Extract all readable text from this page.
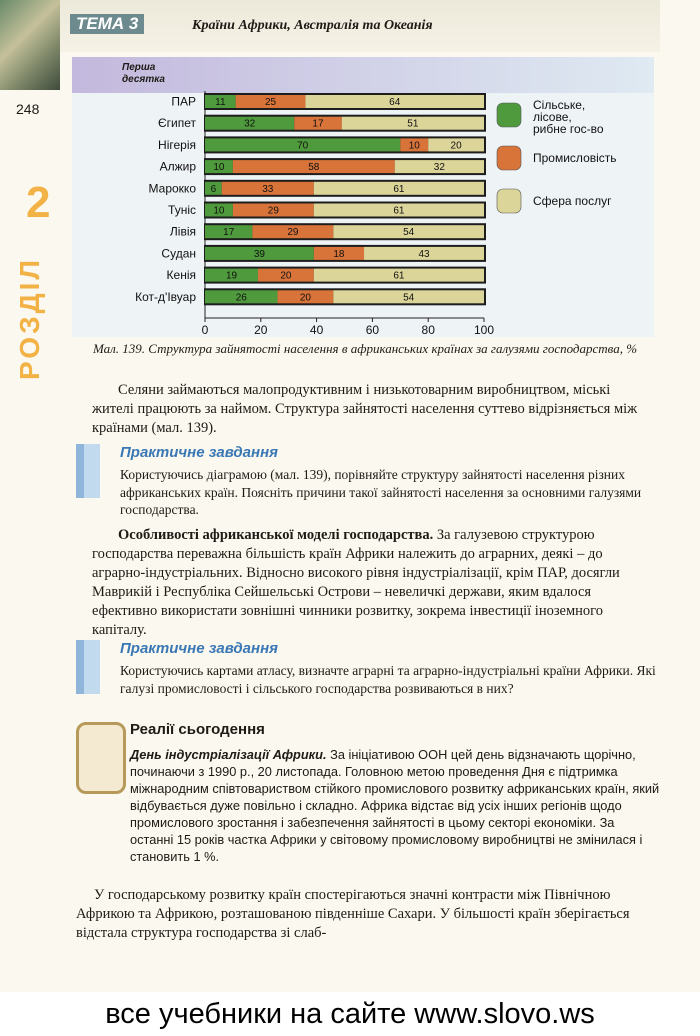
ТЕМА 3	Країни Африки, Австралія та Океанія
248
2
РОЗДІЛ
Перша десятка
0	20	40	60	80	100
ПАР 11	25	64
Єгипет	32	17	51
Нігерія	70	10	20
Алжир 10	58	32
Марокко 6	33	61
Туніс 10	29	61
Лівія	17	29	54
Судан	39	18	43
Кенія	19	20	61
Кот-д'Івуар	26	20	54
Сільське,
лісове,
рибне гос-во
Промисловість
Сфера послуг
Мал. 139. Структура зайнятості населення в африканських країнах за галузями господарства, %
Селяни займаються малопродуктивним і низькотоварним виробництвом, міські жителі працюють за наймом. Структура зайнятості населення суттево відрізняється між країнами (мал. 139).
Практичне завдання
Користуючись діаграмою (мал. 139), порівняйте структуру зайнятості населення різних африканських країн. Поясніть причини такої зайнятості населення за основними галузями господарства.
Особливості африканської моделі господарства. За галузевою структурою господарства переважна більшість країн Африки належить до аграрних, деякі – до аграрно-індустріальних. Відносно високого рівня індустріалізації, крім ПАР, досягли Маврикій і Республіка Сейшельські Острови – невеличкі держави, яким вдалося ефективно використати зовнішні чинники розвитку, зокрема інвестиції іноземного капіталу.
Практичне завдання
Користуючись картами атласу, визначте аграрні та аграрно-індустріальні країни Африки. Які галузі промисловості і сільського господарства розвиваються в них?
Реалії сьогодення
День індустріалізації Африки. За ініціативою ООН цей день відзначають щорічно, починаючи з 1990 р., 20 листопада. Головною метою проведення Дня є підтримка міжнародним співтовариством стійкого промислового розвитку африканських країн, який відбувається дуже повільно і складно. Африка відстає від усіх інших регіонів щодо промислового зростання і забезпечення зайнятості в цьому секторі економіки. За останні 15 років частка Африки у світовому промисловому виробництві не змінилася і становить 1 %.
У господарському розвитку країн спостерігаються значні контрасти між Північною Африкою та Африкою, розташованою південніше Сахари. У більшості країн зберігається відстала структура господарства зі слаб-
все учебники на сайте www.slovo.ws
